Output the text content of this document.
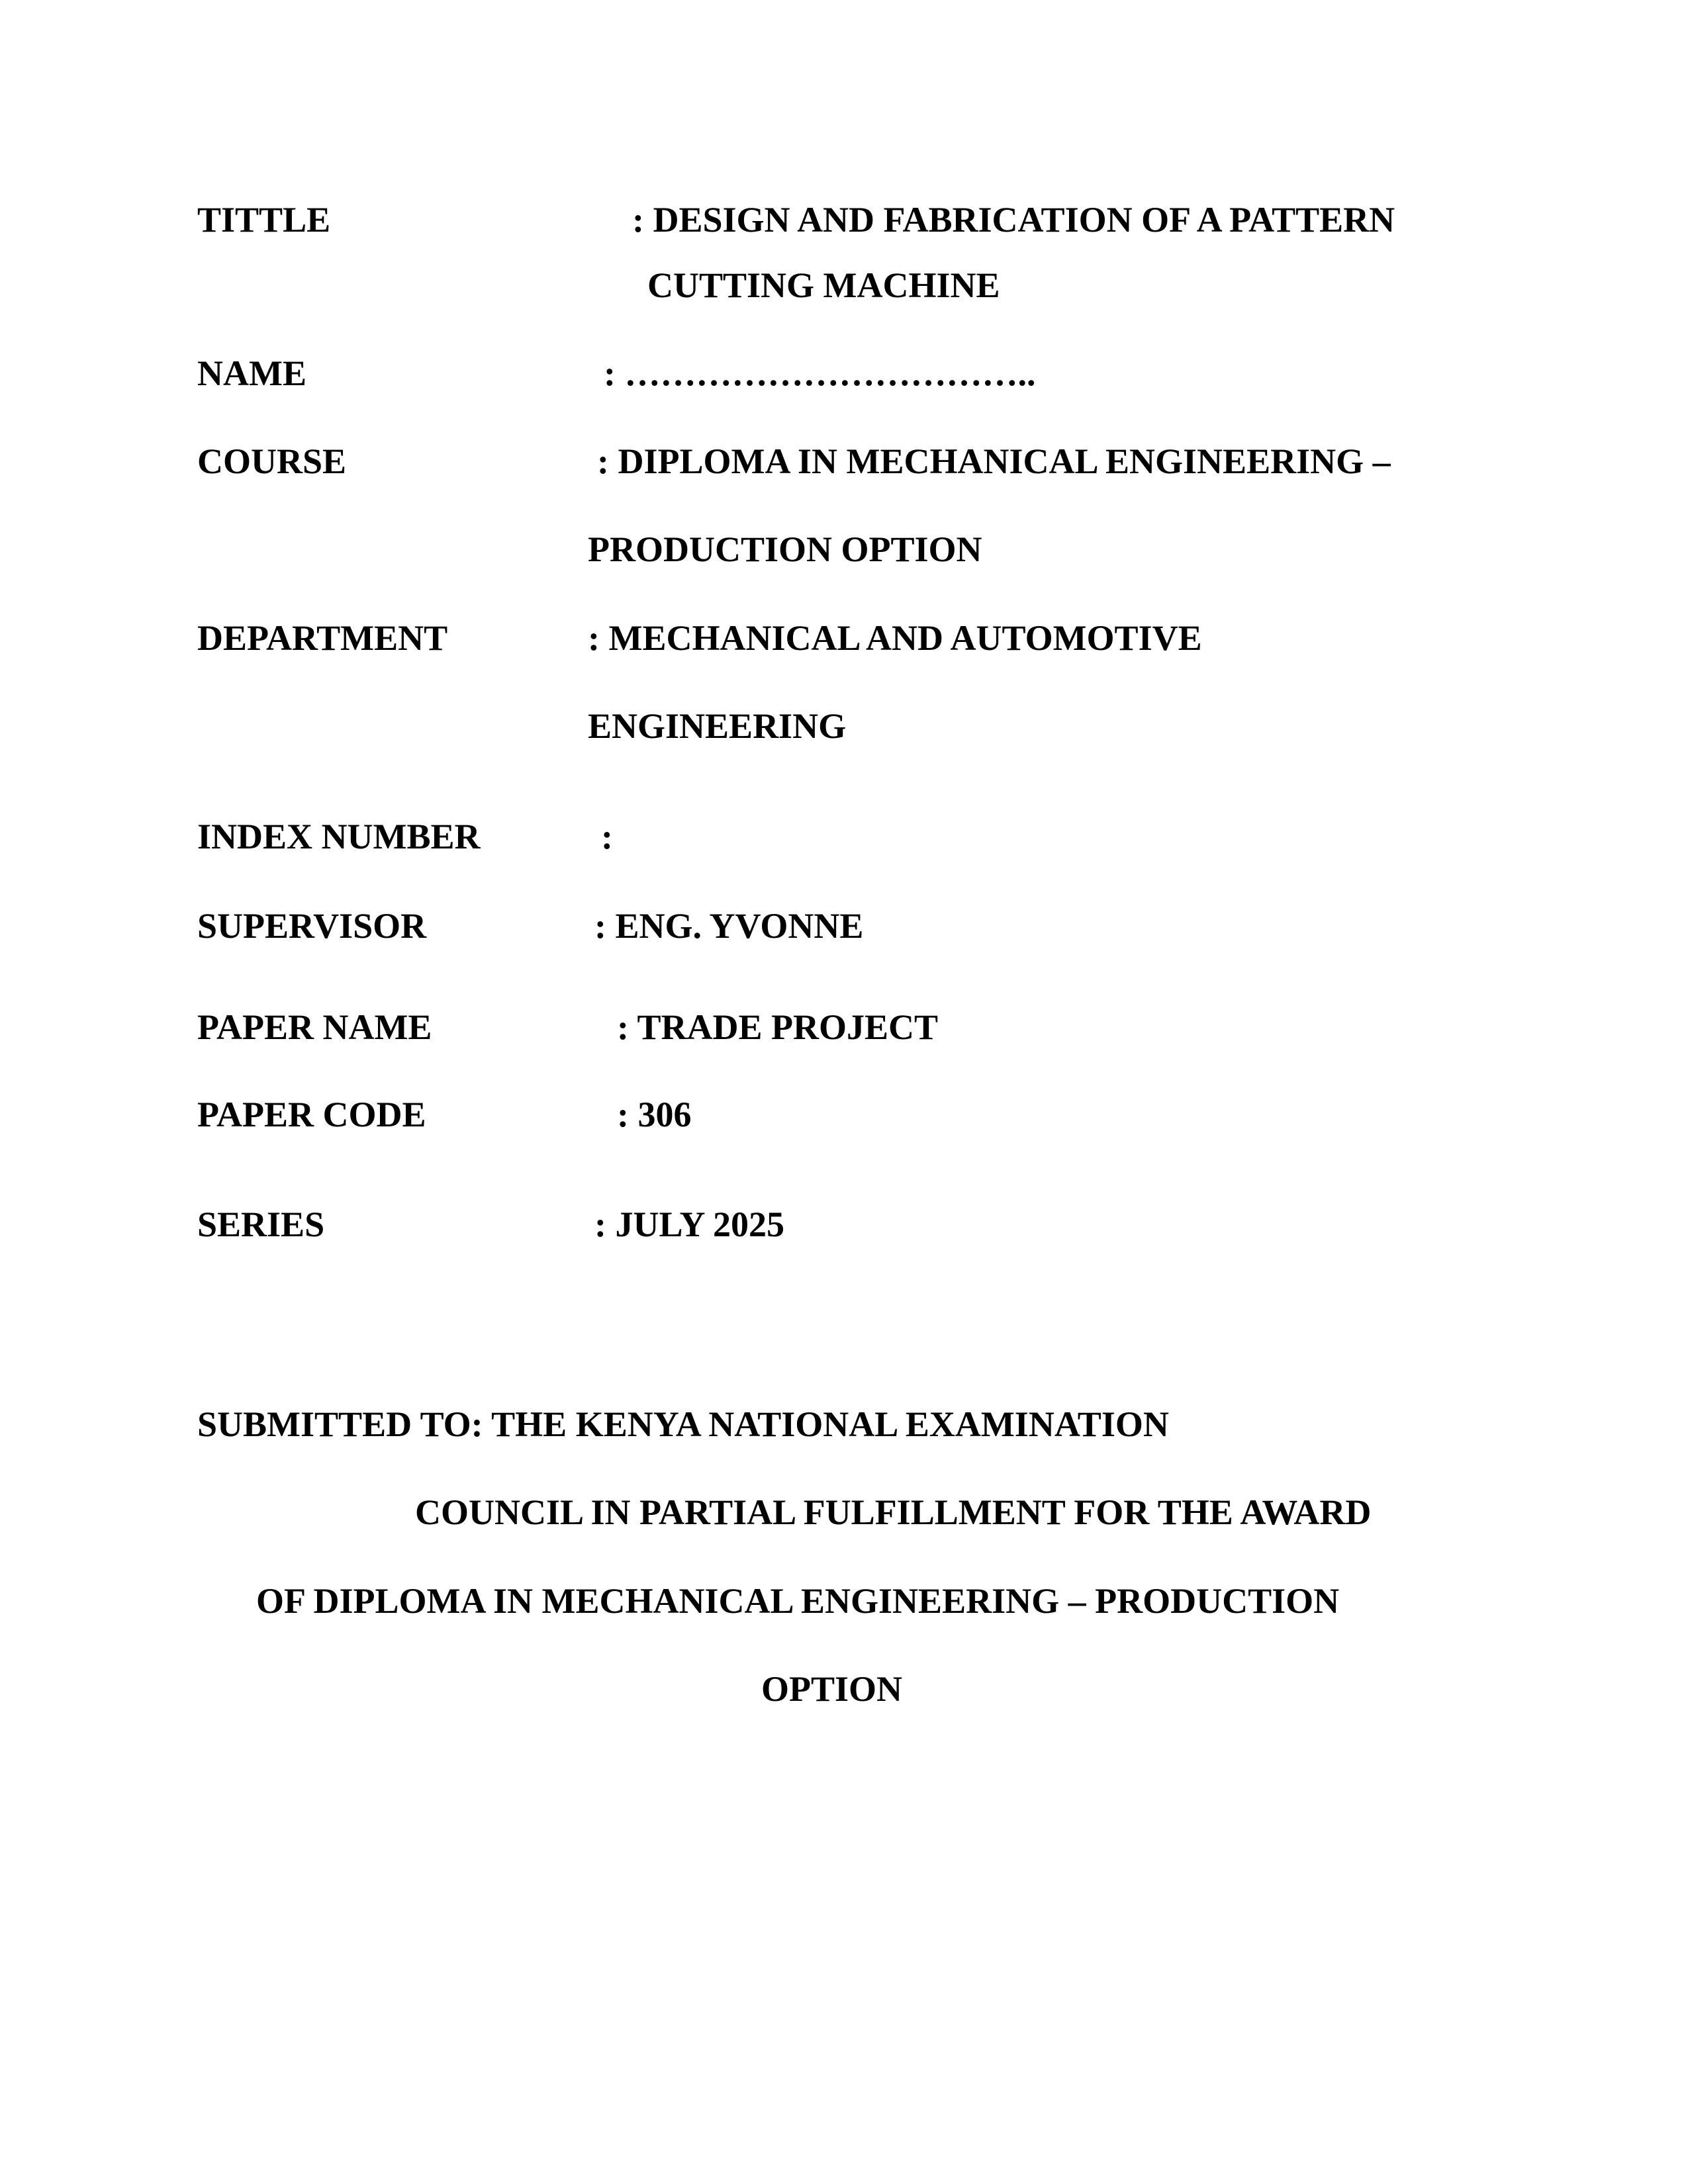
TITTLE	: DESIGN AND FABRICATION OF A PATTERN
CUTTING MACHINE
NAME	: ……………………………..
COURSE	: DIPLOMA IN MECHANICAL ENGINEERING –
PRODUCTION OPTION
DEPARTMENT	: MECHANICAL AND AUTOMOTIVE
ENGINEERING
INDEX NUMBER	:
SUPERVISOR	: ENG. YVONNE
PAPER NAME	: TRADE PROJECT
PAPER CODE	: 306
SERIES	: JULY 2025
SUBMITTED TO: THE KENYA NATIONAL EXAMINATION
COUNCIL IN PARTIAL FULFILLMENT FOR THE AWARD
OF DIPLOMA IN MECHANICAL ENGINEERING – PRODUCTION
OPTION
